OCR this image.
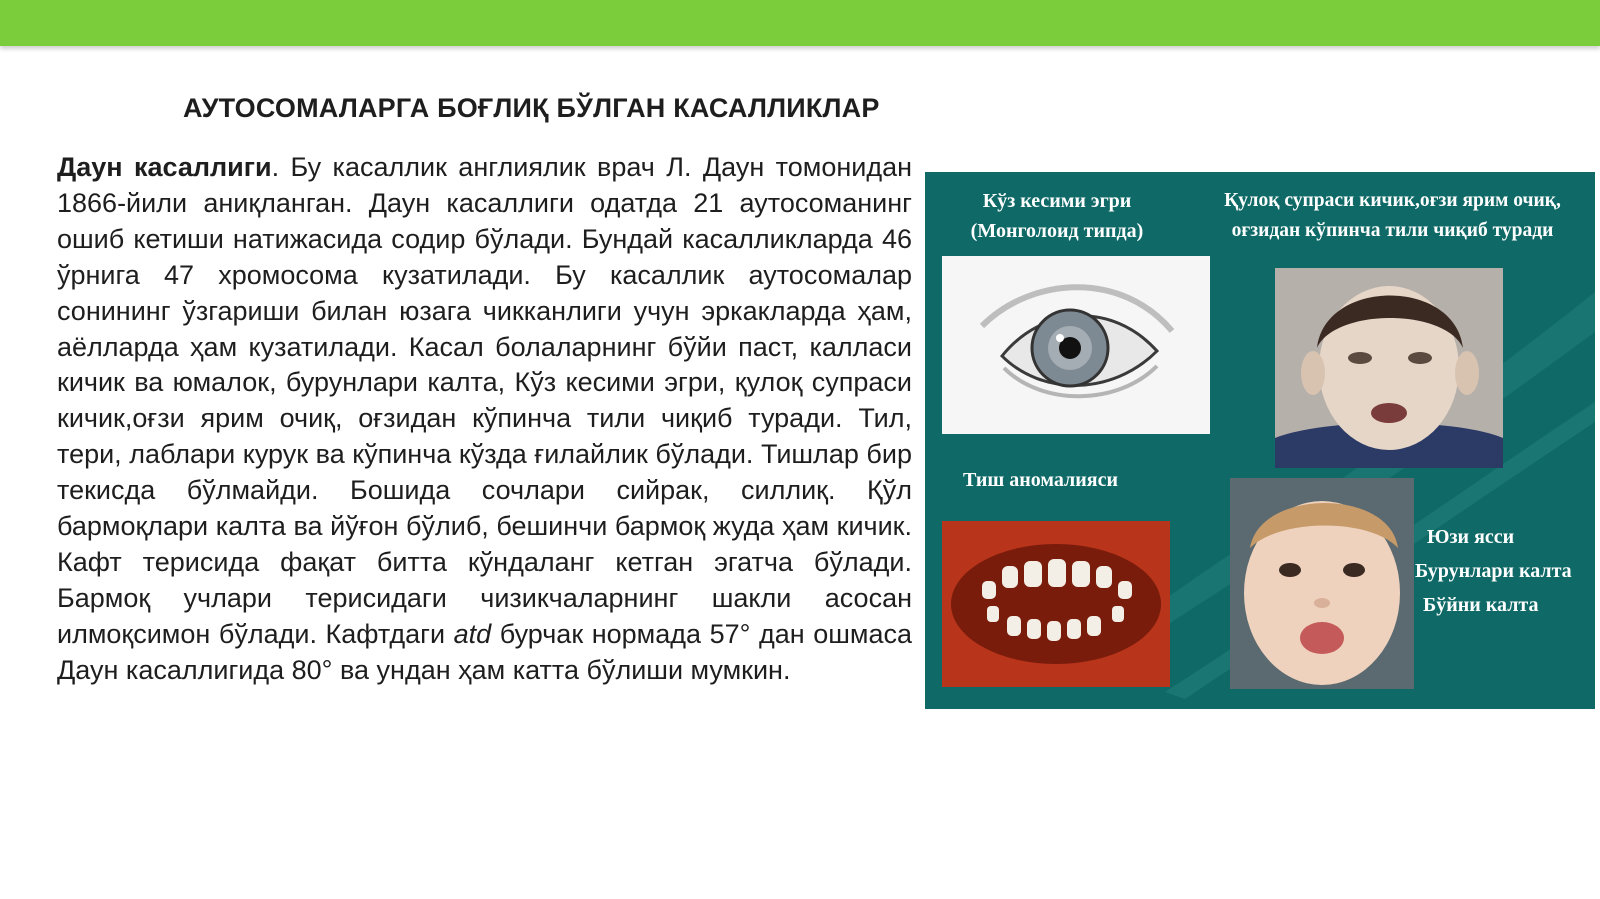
АУТОСОМАЛАРГА БОҒЛИҚ БЎЛГАН КАСАЛЛИКЛАР
Даун касаллиги. Бу касаллик англиялик врач Л. Даун томонидан 1866-йили аниқланган. Даун касаллиги одатда 21 аутосоманинг ошиб кетиши натижасида содир бўлади. Бундай касалликларда 46 ўрнига 47 хромосома кузатилади. Бу касаллик аутосомалар сонининг ўзгариши билан юзага чикканлиги учун эркакларда ҳам, аёлларда ҳам кузатилади. Касал болаларнинг бўйи паст, калласи кичик ва юмалок, бурунлари калта, Кўз кесими эгри, қулоқ супраси кичик,оғзи ярим очиқ, оғзидан кўпинча тили чиқиб туради. Тил, тери, лаблари курук ва кўпинча кўзда ғилайлик бўлади. Тишлар бир текисда бўлмайди. Бошида сочлари сийрак, силлиқ. Қўл бармоқлари калта ва йўғон бўлиб, бешинчи бармоқ жуда ҳам кичик. Кафт терисида фақат битта кўндаланг кетган эгатча бўлади. Бармоқ учлари терисидаги чизикчаларнинг шакли асосан илмоқсимон бўлади. Кафтдаги atd бурчак нормада 57° дан ошмаса Даун касаллигида 80° ва ундан ҳам катта бўлиши мумкин.
Кўз кесими эгри
(Монголоид типда)
Қулоқ супраси кичик,оғзи ярим очиқ,
оғзидан кўпинча тили чиқиб туради
Тиш аномалияси
Юзи ясси
Бурунлари калта
Бўйни калта
